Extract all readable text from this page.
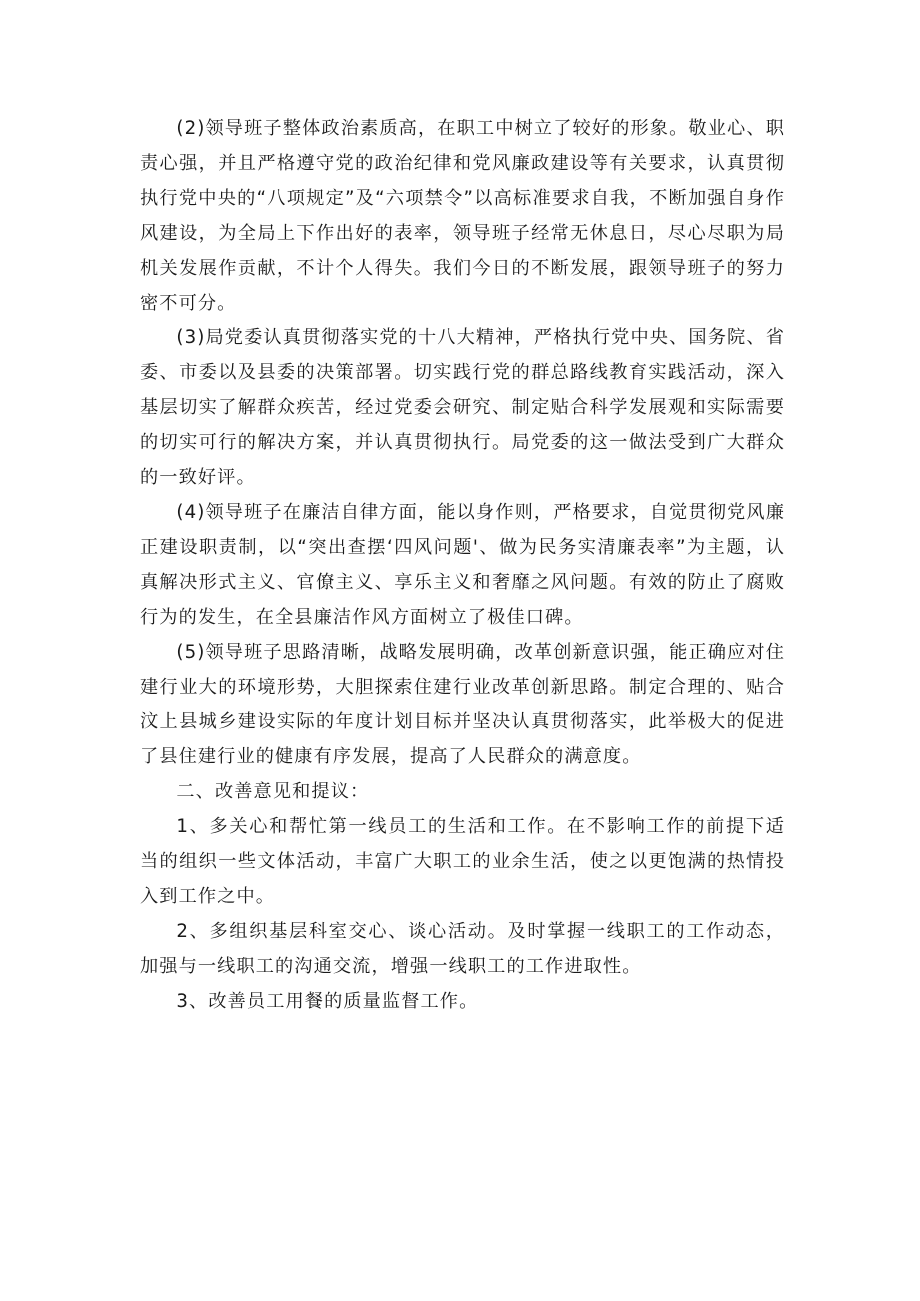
(2)领导班子整体政治素质高，在职工中树立了较好的形象。敬业心、职责心强，并且严格遵守党的政治纪律和党风廉政建设等有关要求，认真贯彻执行党中央的“八项规定”及“六项禁令”以高标准要求自我，不断加强自身作风建设，为全局上下作出好的表率，领导班子经常无休息日，尽心尽职为局机关发展作贡献，不计个人得失。我们今日的不断发展，跟领导班子的努力密不可分。

(3)局党委认真贯彻落实党的十八大精神，严格执行党中央、国务院、省委、市委以及县委的决策部署。切实践行党的群总路线教育实践活动，深入基层切实了解群众疾苦，经过党委会研究、制定贴合科学发展观和实际需要的切实可行的解决方案，并认真贯彻执行。局党委的这一做法受到广大群众的一致好评。

(4)领导班子在廉洁自律方面，能以身作则，严格要求，自觉贯彻党风廉正建设职责制，以“突出查摆‘四风问题'、做为民务实清廉表率”为主题，认真解决形式主义、官僚主义、享乐主义和奢靡之风问题。有效的防止了腐败行为的发生，在全县廉洁作风方面树立了极佳口碑。

(5)领导班子思路清晰，战略发展明确，改革创新意识强，能正确应对住建行业大的环境形势，大胆探索住建行业改革创新思路。制定合理的、贴合汶上县城乡建设实际的年度计划目标并坚决认真贯彻落实，此举极大的促进了县住建行业的健康有序发展，提高了人民群众的满意度。

二、改善意见和提议：

1、多关心和帮忙第一线员工的生活和工作。在不影响工作的前提下适当的组织一些文体活动，丰富广大职工的业余生活，使之以更饱满的热情投入到工作之中。

2、多组织基层科室交心、谈心活动。及时掌握一线职工的工作动态，加强与一线职工的沟通交流，增强一线职工的工作进取性。

3、改善员工用餐的质量监督工作。
